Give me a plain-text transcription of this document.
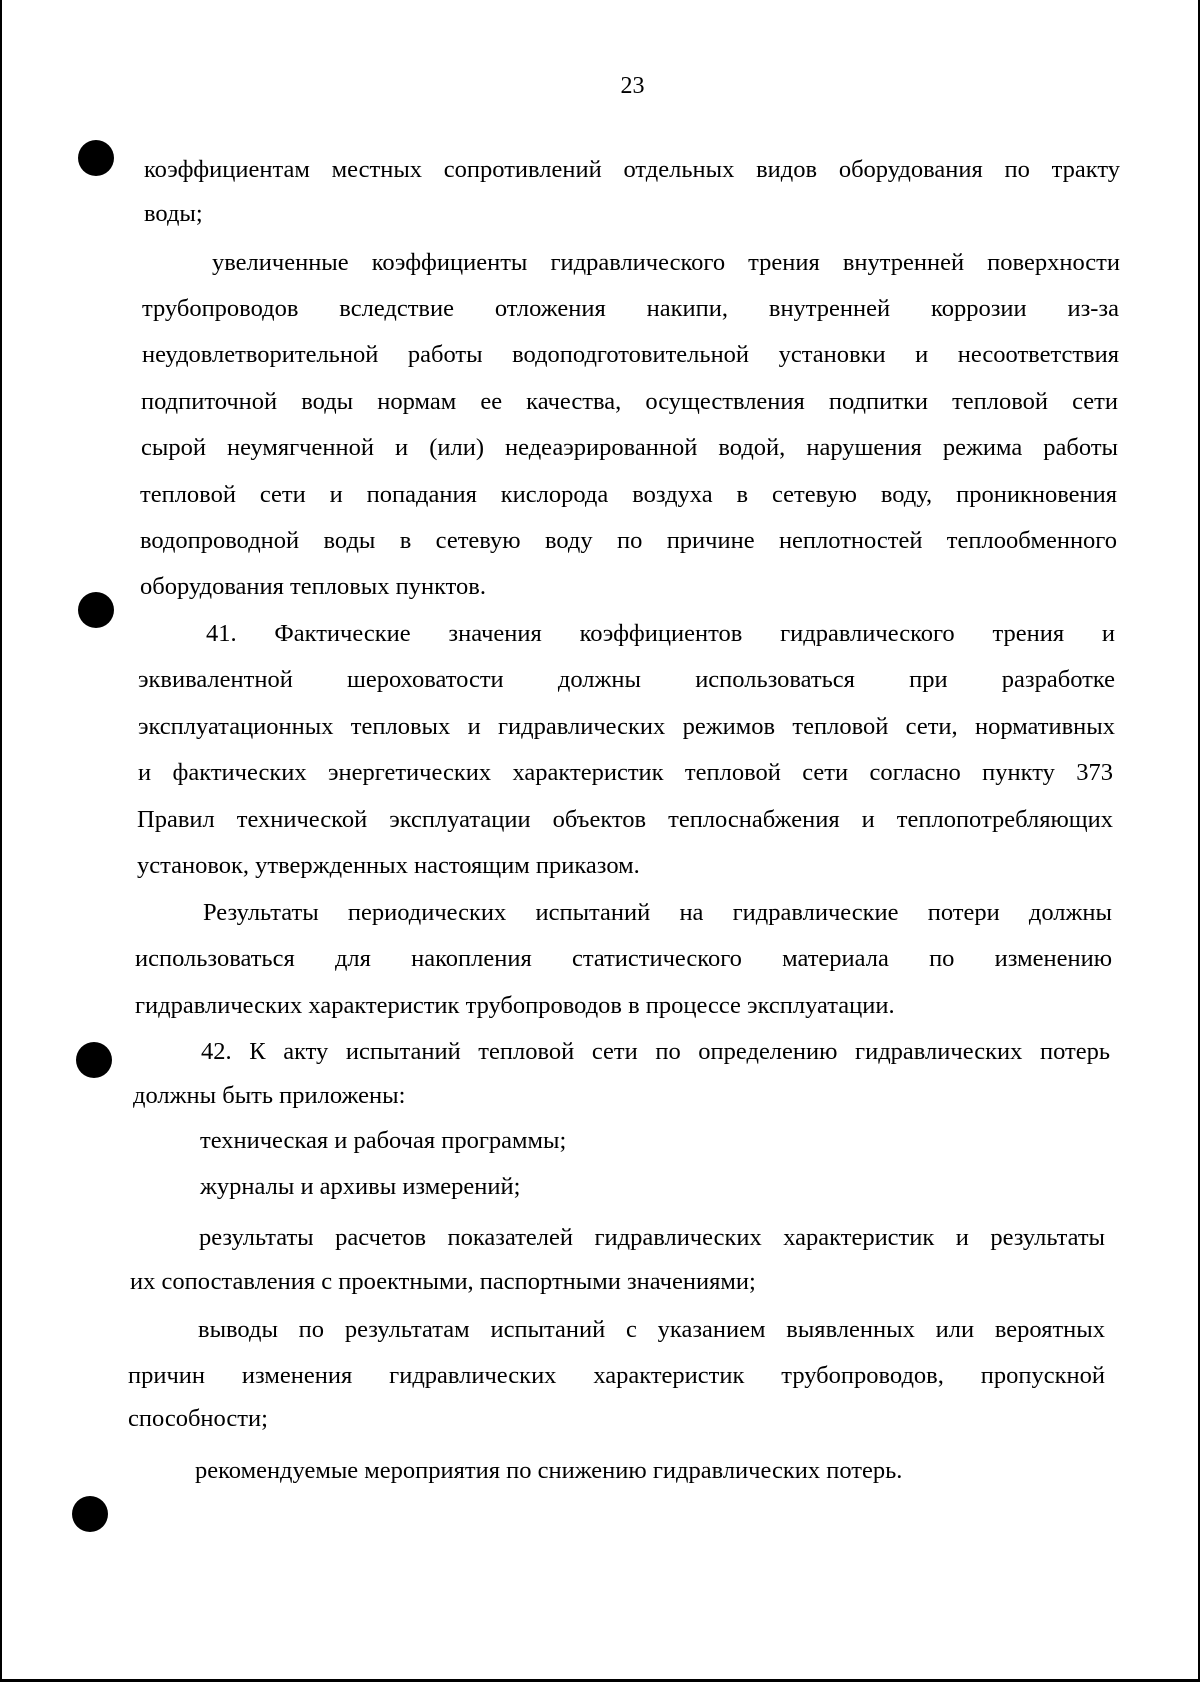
23
коэффициентам местных сопротивлений отдельных видов оборудования по тракту
воды;
увеличенные коэффициенты гидравлического трения внутренней поверхности
трубопроводов вследствие отложения накипи, внутренней коррозии из-за
неудовлетворительной работы водоподготовительной установки и несоответствия
подпиточной воды нормам ее качества, осуществления подпитки тепловой сети
сырой неумягченной и (или) недеаэрированной водой, нарушения режима работы
тепловой сети и попадания кислорода воздуха в сетевую воду, проникновения
водопроводной воды в сетевую воду по причине неплотностей теплообменного
оборудования тепловых пунктов.
41. Фактические значения коэффициентов гидравлического трения и
эквивалентной шероховатости должны использоваться при разработке
эксплуатационных тепловых и гидравлических режимов тепловой сети, нормативных
и фактических энергетических характеристик тепловой сети согласно пункту 373
Правил технической эксплуатации объектов теплоснабжения и теплопотребляющих
установок, утвержденных настоящим приказом.
Результаты периодических испытаний на гидравлические потери должны
использоваться для накопления статистического материала по изменению
гидравлических характеристик трубопроводов в процессе эксплуатации.
42. К акту испытаний тепловой сети по определению гидравлических потерь
должны быть приложены:
техническая и рабочая программы;
журналы и архивы измерений;
результаты расчетов показателей гидравлических характеристик и результаты
их сопоставления с проектными, паспортными значениями;
выводы по результатам испытаний с указанием выявленных или вероятных
причин изменения гидравлических характеристик трубопроводов, пропускной
способности;
рекомендуемые мероприятия по снижению гидравлических потерь.
